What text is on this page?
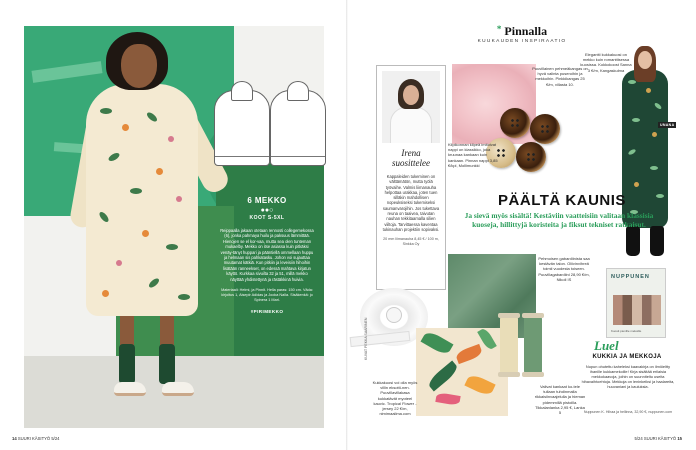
6 MEKKO
●●○
KOOT S-5XL
Reippaalla jakaan otetaan rennosti collegemekossa (6), jonka pahmaya huilu ja paksuus lämmittää. Hienojen se el kor-vaa, mutta sea olen tunteman mukaelby. Mekko on itse asiassa kuin pitkäksi venäy-tänyt huppari ja pääntiellä ommellaan huppu ja helmaan sis pahkatasku. Johon voi sujauttaa muutamat kätkiä. Kun pitkiin ja leveisiin hihoihin lisätään ranneekset, on edessä mahtava kirjatun käyttö. Kurkkaa sivuilta 32 ja 51, millä mekko näyttää yhdistettynä ja rästäkkinä huivia.
Materiaali: Helmi, ja Pinnit. Hella paras: 150 cm. Väda: kirjoitus 1, Aiseplr Adidas ja Jooka Nalla. Sisäkenkä: jo Spinera 1 Mari.
#PIRIMEKKO
14 SUURI KÄSITYÖ 5/24
* Pinnalla
KUUKAUDEN INSPIRAATIO
Irena suosittelee
Kappaleiden tukeminen on välttämätön, mutta työlä työvaihe. Valmis liimanauha helpottaa urakkaa, joten tuen silläkin mahdollisen nopeuksiseksi tukemiseksi saumanvarojihin. Jos tukettava reuna on taaivea, taivutan nauhan tekkitaamalla silien viiltoja. Tarvittaessa kaventaa tukinauhan projektiin sopivaksi.
20 mm liimanauha 8,45 € / 100 m, Sinkka Oy
Puuvillainen pehmeäkangas on hyvä valinta puseroihin ja mekkoihin. Pinkkikangas 25 €/m, villasta 10.
Kilpikonnan kilpeä imitoivat nappi on klassikko, joka kruunaa kankaan kuin kankaan. Pinnan nappi 3,85 €/kpl, Mollimunkki
Elegantti kukkakuosi on mekko kuin romanttisessa kuosissa. Kokkokoost Sanna 3 €/m, Kangaskulma
UNANA
PÄÄLTÄ KAUNIS
Ja sievä myös sisältä! Kestäviin vaatteisiin valitaan klassisia kuoseja, hillittyjä koristeita ja fiksut tekniset ratkaisut.
KUVAT PEKKA SAARINEN
Pehmoisen gabardiinista saa kestävän talon. Oliivinvihreä toimii vuodesta toiseen. Puuvillagabardiini 28,90 €/m, Nikoli IS
Kukkakuosi voi olla myös villin eksotti-nen. Puuvillavillakasa kukkatävät myoteel kauvic. Tropical Flower -jersey 22 €/m, nimimaailma.com
Valivat kankaat ko-tele tullaan tuhdinmalla rikkaisiinvaajelulla ja hieman pidemmillä pistoilla. Tikkalanlanka 2,95 €, Lanka 5
NUPPUNEN
Kuosit pienille mekoille
Luel
KUKKIA JA MEKKOJA
Nupun ohutettu kaheleksi kaavakirja on ilmiöeltty ihanille kukkamekoille! Kirja sisältää erilaisia mekkokaavoja, joihin on suunniteltu useita hihavaihtoehtoja. Mekkoja on leninkeiksi ja haalareita, huuvaniani ja kauluksia.
Nuppunen K. Hihaa ja hellinna, 32,90 €, nuppunen.com
5/24 SUURI KÄSITYÖ 15
